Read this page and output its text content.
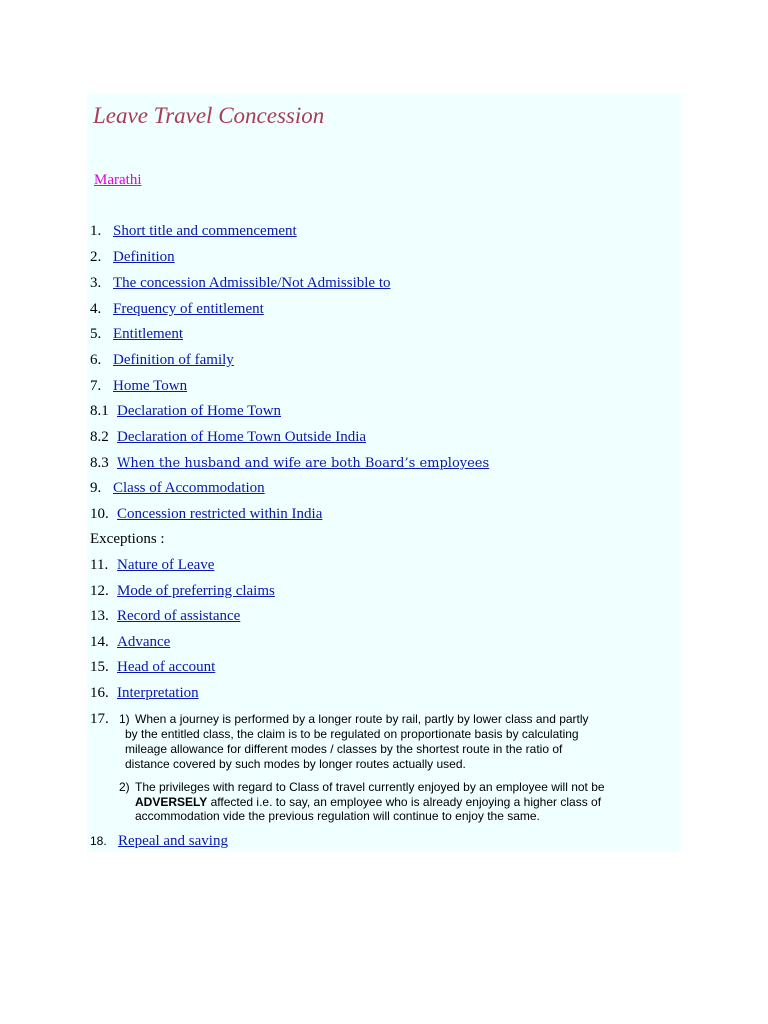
Leave Travel Concession
Marathi
1. Short title and commencement
2. Definition
3. The concession Admissible/Not Admissible to
4. Frequency of entitlement
5. Entitlement
6. Definition of family
7. Home Town
8.1 Declaration of Home Town
8.2 Declaration of Home Town Outside India
8.3 When the husband and wife are both Board’s employees
9. Class of Accommodation
10. Concession restricted within India
Exceptions :
11. Nature of Leave
12. Mode of preferring claims
13. Record of assistance
14. Advance
15. Head of account
16. Interpretation
17. 1) When a journey is performed by a longer route by rail, partly by lower class and partly
by the entitled class, the claim is to be regulated on proportionate basis by calculating
mileage allowance for different modes / classes by the shortest route in the ratio of
distance covered by such modes by longer routes actually used.
2) The privileges with regard to Class of travel currently enjoyed by an employee will not be
ADVERSELY affected i.e. to say, an employee who is already enjoying a higher class of
accommodation vide the previous regulation will continue to enjoy the same.
18. Repeal and saving
